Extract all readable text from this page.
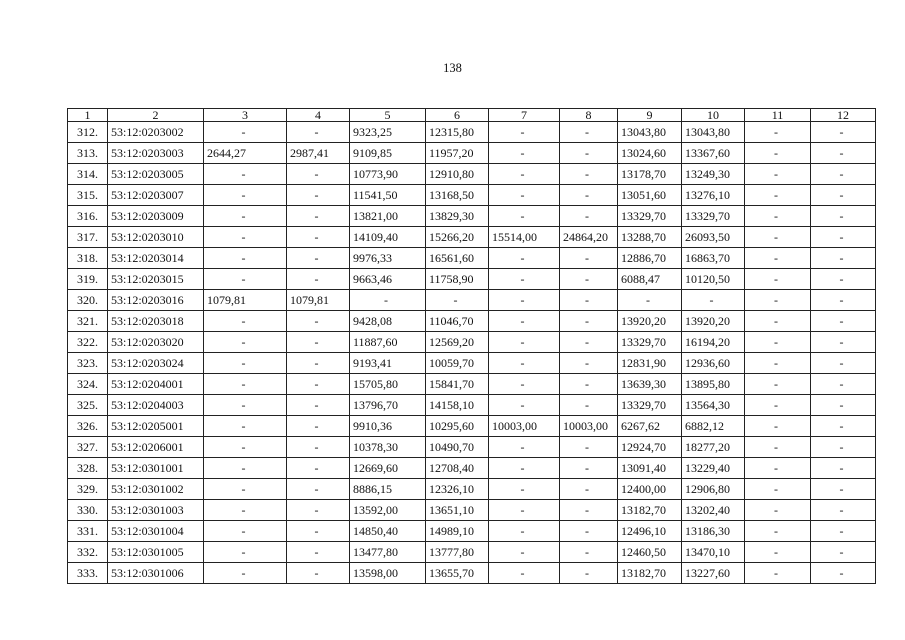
138
1	2	3	4	5	6	7	8	9	10	11	12
312.	53:12:0203002	-	-	9323,25	12315,80	-	-	13043,80	13043,80	-	-
313.	53:12:0203003	2644,27	2987,41	9109,85	11957,20	-	-	13024,60	13367,60	-	-
314.	53:12:0203005	-	-	10773,90	12910,80	-	-	13178,70	13249,30	-	-
315.	53:12:0203007	-	-	11541,50	13168,50	-	-	13051,60	13276,10	-	-
316.	53:12:0203009	-	-	13821,00	13829,30	-	-	13329,70	13329,70	-	-
317.	53:12:0203010	-	-	14109,40	15266,20	15514,00	24864,20	13288,70	26093,50	-	-
318.	53:12:0203014	-	-	9976,33	16561,60	-	-	12886,70	16863,70	-	-
319.	53:12:0203015	-	-	9663,46	11758,90	-	-	6088,47	10120,50	-	-
320.	53:12:0203016	1079,81	1079,81	-	-	-	-	-	-	-	-
321.	53:12:0203018	-	-	9428,08	11046,70	-	-	13920,20	13920,20	-	-
322.	53:12:0203020	-	-	11887,60	12569,20	-	-	13329,70	16194,20	-	-
323.	53:12:0203024	-	-	9193,41	10059,70	-	-	12831,90	12936,60	-	-
324.	53:12:0204001	-	-	15705,80	15841,70	-	-	13639,30	13895,80	-	-
325.	53:12:0204003	-	-	13796,70	14158,10	-	-	13329,70	13564,30	-	-
326.	53:12:0205001	-	-	9910,36	10295,60	10003,00	10003,00	6267,62	6882,12	-	-
327.	53:12:0206001	-	-	10378,30	10490,70	-	-	12924,70	18277,20	-	-
328.	53:12:0301001	-	-	12669,60	12708,40	-	-	13091,40	13229,40	-	-
329.	53:12:0301002	-	-	8886,15	12326,10	-	-	12400,00	12906,80	-	-
330.	53:12:0301003	-	-	13592,00	13651,10	-	-	13182,70	13202,40	-	-
331.	53:12:0301004	-	-	14850,40	14989,10	-	-	12496,10	13186,30	-	-
332.	53:12:0301005	-	-	13477,80	13777,80	-	-	12460,50	13470,10	-	-
333.	53:12:0301006	-	-	13598,00	13655,70	-	-	13182,70	13227,60	-	-
